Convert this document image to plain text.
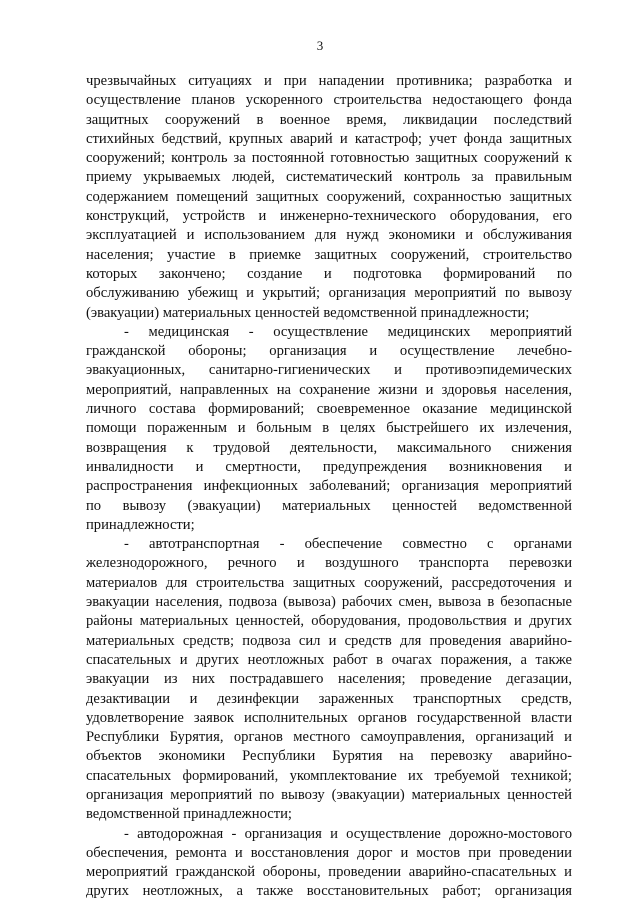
3
чрезвычайных ситуациях и при нападении противника; разработка и
осуществление планов ускоренного строительства недостающего фонда
защитных сооружений в военное время, ликвидации последствий
стихийных бедствий, крупных аварий и катастроф; учет фонда защитных
сооружений; контроль за постоянной готовностью защитных сооружений к
приему укрываемых людей, систематический контроль за правильным
содержанием помещений защитных сооружений, сохранностью защитных
конструкций, устройств и инженерно-технического оборудования, его
эксплуатацией и использованием для нужд экономики и обслуживания
населения; участие в приемке защитных сооружений, строительство
которых закончено; создание и подготовка формирований по
обслуживанию убежищ и укрытий; организация мероприятий по вывозу
(эвакуации) материальных ценностей ведомственной принадлежности;
- медицинская - осуществление медицинских мероприятий
гражданской обороны; организация и осуществление лечебно-
эвакуационных, санитарно-гигиенических и противоэпидемических
мероприятий, направленных на сохранение жизни и здоровья населения,
личного состава формирований; своевременное оказание медицинской
помощи пораженным и больным в целях быстрейшего их излечения,
возвращения к трудовой деятельности, максимального снижения
инвалидности и смертности, предупреждения возникновения и
распространения инфекционных заболеваний; организация мероприятий
по вывозу (эвакуации) материальных ценностей ведомственной
принадлежности;
- автотранспортная - обеспечение совместно с органами
железнодорожного, речного и воздушного транспорта перевозки
материалов для строительства защитных сооружений, рассредоточения и
эвакуации населения, подвоза (вывоза) рабочих смен, вывоза в безопасные
районы материальных ценностей, оборудования, продовольствия и других
материальных средств; подвоза сил и средств для проведения аварийно-
спасательных и других неотложных работ в очагах поражения, а также
эвакуации из них пострадавшего населения; проведение дегазации,
дезактивации и дезинфекции зараженных транспортных средств,
удовлетворение заявок исполнительных органов государственной власти
Республики Бурятия, органов местного самоуправления, организаций и
объектов экономики Республики Бурятия на перевозку аварийно-
спасательных формирований, укомплектование их требуемой техникой;
организация мероприятий по вывозу (эвакуации) материальных ценностей
ведомственной принадлежности;
- автодорожная - организация и осуществление дорожно-мостового
обеспечения, ремонта и восстановления дорог и мостов при проведении
мероприятий гражданской обороны, проведении аварийно-спасательных и
других неотложных, а также восстановительных работ; организация
